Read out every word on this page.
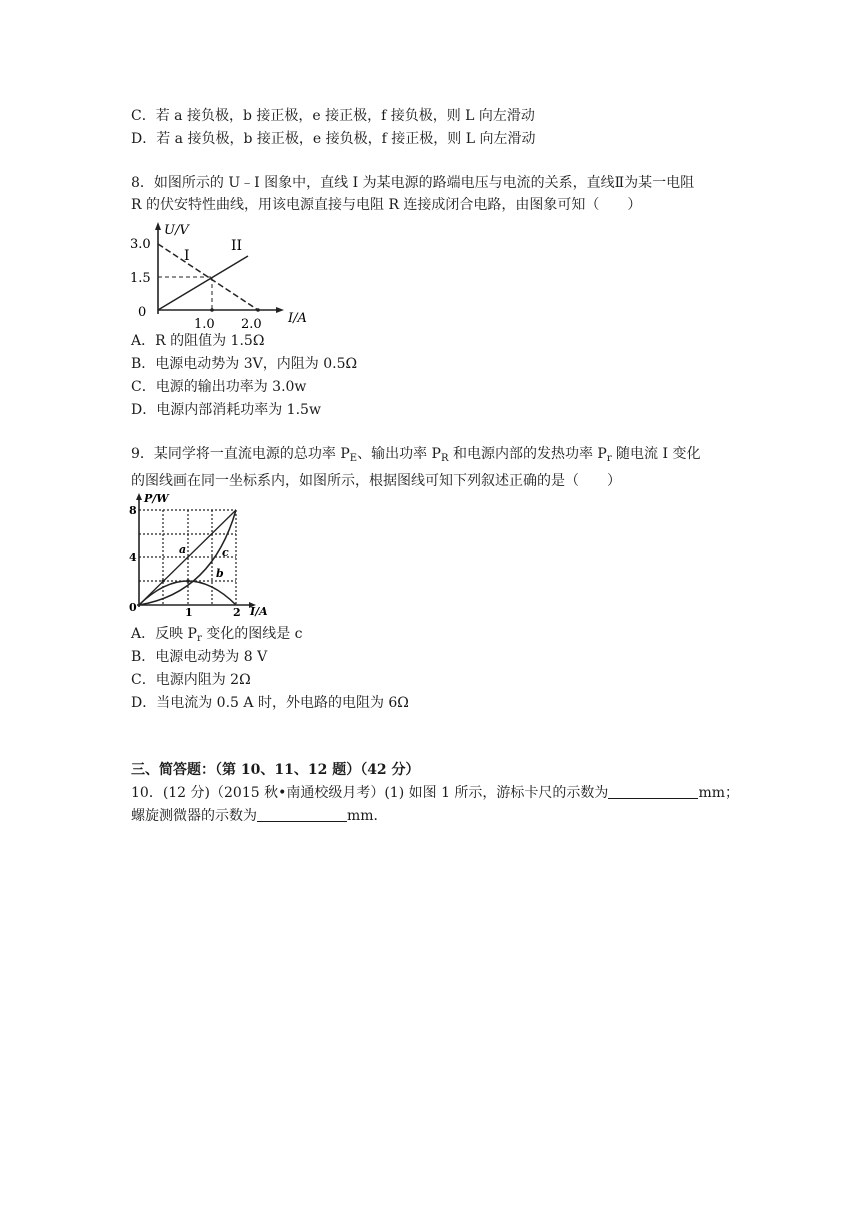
C．若 a 接负极，b 接正极，e 接正极，f 接负极，则 L 向左滑动
D．若 a 接负极，b 接正极，e 接负极，f 接正极，则 L 向左滑动
8．如图所示的 U﹣I 图象中，直线 I 为某电源的路端电压与电流的关系，直线Ⅱ为某一电阻
R 的伏安特性曲线，用该电源直接与电阻 R 连接成闭合电路，由图象可知（　　）
U/V
I/A
3.0
1.5
0
1.0 2.0
I
II
A．R 的阻值为 1.5Ω
B．电源电动势为 3V，内阻为 0.5Ω
C．电源的输出功率为 3.0w
D．电源内部消耗功率为 1.5w
9．某同学将一直流电源的总功率 $P_E$、输出功率 $P_R$ 和电源内部的发热功率 $P_r$ 随电流 I 变化
的图线画在同一坐标系内，如图所示，根据图线可知下列叙述正确的是（　　）
P/W
I/A
8
4
0	1	2
a	c
b
A．反映 $P_r$ 变化的图线是 c
B．电源电动势为 8 V
C．电源内阻为 2Ω
D．当电流为 0.5 A 时，外电路的电阻为 6Ω
三、简答题：（第 10、11、12 题）（42 分）
10．(12 分)（2015 秋•南通校级月考）(1) 如图 1 所示，游标卡尺的示数为	mm；
螺旋测微器的示数为	mm．
